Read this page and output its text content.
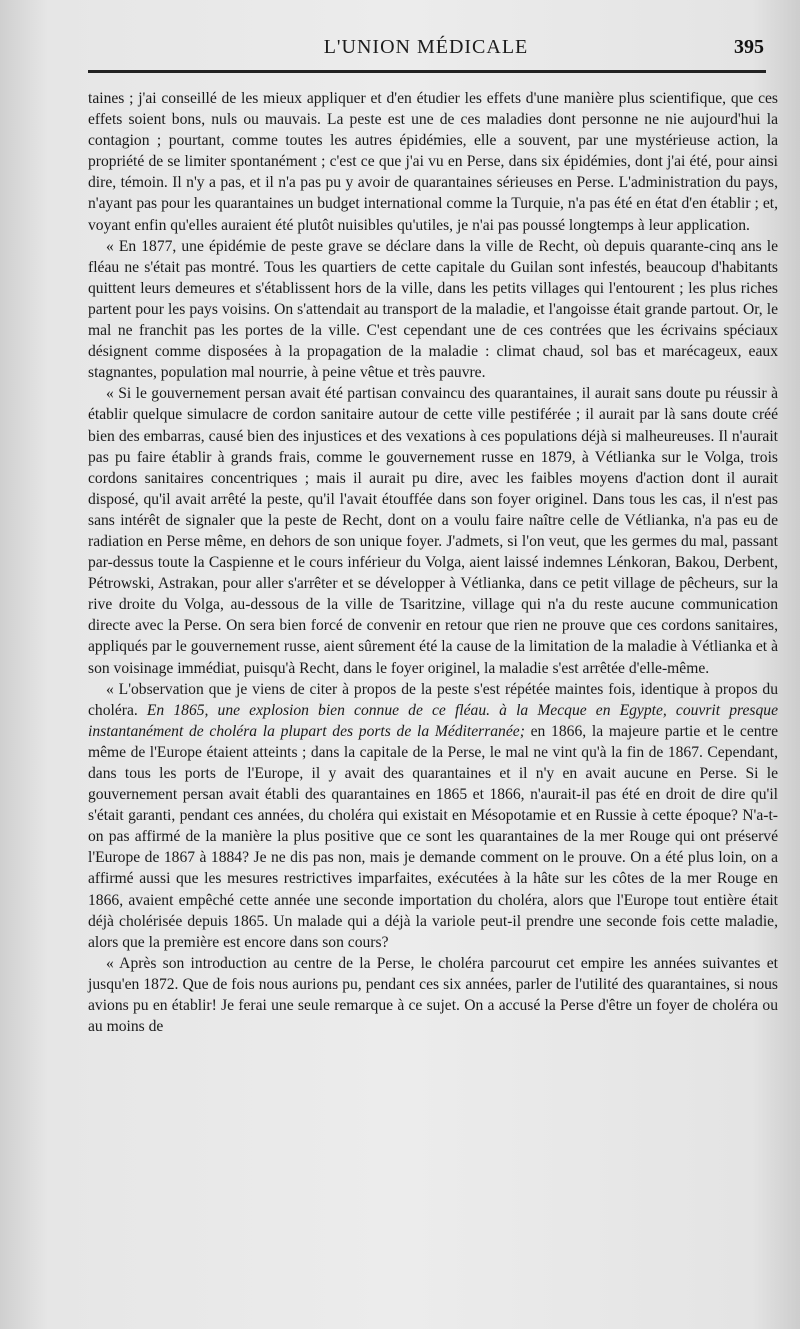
L'UNION MÉDICALE	395

taines ; j'ai conseillé de les mieux appliquer et d'en étudier les effets d'une manière plus scientifique, que ces effets soient bons, nuls ou mauvais. La peste est une de ces maladies dont personne ne nie aujourd'hui la contagion ; pourtant, comme toutes les autres épidémies, elle a souvent, par une mystérieuse action, la propriété de se limiter spontanément ; c'est ce que j'ai vu en Perse, dans six épidémies, dont j'ai été, pour ainsi dire, témoin. Il n'y a pas, et il n'a pas pu y avoir de quarantaines sérieuses en Perse. L'administration du pays, n'ayant pas pour les quarantaines un budget international comme la Turquie, n'a pas été en état d'en établir ; et, voyant enfin qu'elles auraient été plutôt nuisibles qu'utiles, je n'ai pas poussé longtemps à leur application.

« En 1877, une épidémie de peste grave se déclare dans la ville de Recht, où depuis quarante-cinq ans le fléau ne s'était pas montré. Tous les quartiers de cette capitale du Guilan sont infestés, beaucoup d'habitants quittent leurs demeures et s'établissent hors de la ville, dans les petits villages qui l'entourent ; les plus riches partent pour les pays voisins. On s'attendait au transport de la maladie, et l'angoisse était grande partout. Or, le mal ne franchit pas les portes de la ville. C'est cependant une de ces contrées que les écrivains spéciaux désignent comme disposées à la propagation de la maladie : climat chaud, sol bas et marécageux, eaux stagnantes, population mal nourrie, à peine vêtue et très pauvre.

« Si le gouvernement persan avait été partisan convaincu des quarantaines, il aurait sans doute pu réussir à établir quelque simulacre de cordon sanitaire autour de cette ville pestiférée ; il aurait par là sans doute créé bien des embarras, causé bien des injustices et des vexations à ces populations déjà si malheureuses. Il n'aurait pas pu faire établir à grands frais, comme le gouvernement russe en 1879, à Vétlianka sur le Volga, trois cordons sanitaires concentriques ; mais il aurait pu dire, avec les faibles moyens d'action dont il aurait disposé, qu'il avait arrêté la peste, qu'il l'avait étouffée dans son foyer originel. Dans tous les cas, il n'est pas sans intérêt de signaler que la peste de Recht, dont on a voulu faire naître celle de Vétlianka, n'a pas eu de radiation en Perse même, en dehors de son unique foyer. J'admets, si l'on veut, que les germes du mal, passant par-dessus toute la Caspienne et le cours inférieur du Volga, aient laissé indemnes Lénkoran, Bakou, Derbent, Pétrowski, Astrakan, pour aller s'arrêter et se développer à Vétlianka, dans ce petit village de pêcheurs, sur la rive droite du Volga, au-dessous de la ville de Tsaritzine, village qui n'a du reste aucune communication directe avec la Perse. On sera bien forcé de convenir en retour que rien ne prouve que ces cordons sanitaires, appliqués par le gouvernement russe, aient sûrement été la cause de la limitation de la maladie à Vétlianka et à son voisinage immédiat, puisqu'à Recht, dans le foyer originel, la maladie s'est arrêtée d'elle-même.

« L'observation que je viens de citer à propos de la peste s'est répétée maintes fois, identique à propos du choléra. En 1865, une explosion bien connue de ce fléau. à la Mecque en Egypte, couvrit presque instantanément de choléra la plupart des ports de la Méditerranée; en 1866, la majeure partie et le centre même de l'Europe étaient atteints ; dans la capitale de la Perse, le mal ne vint qu'à la fin de 1867. Cependant, dans tous les ports de l'Europe, il y avait des quarantaines et il n'y en avait aucune en Perse. Si le gouvernement persan avait établi des quarantaines en 1865 et 1866, n'aurait-il pas été en droit de dire qu'il s'était garanti, pendant ces années, du choléra qui existait en Mésopotamie et en Russie à cette époque? N'a-t-on pas affirmé de la manière la plus positive que ce sont les quarantaines de la mer Rouge qui ont préservé l'Europe de 1867 à 1884? Je ne dis pas non, mais je demande comment on le prouve. On a été plus loin, on a affirmé aussi que les mesures restrictives imparfaites, exécutées à la hâte sur les côtes de la mer Rouge en 1866, avaient empêché cette année une seconde importation du choléra, alors que l'Europe tout entière était déjà cholérisée depuis 1865. Un malade qui a déjà la variole peut-il prendre une seconde fois cette maladie, alors que la première est encore dans son cours?

« Après son introduction au centre de la Perse, le choléra parcourut cet empire les années suivantes et jusqu'en 1872. Que de fois nous aurions pu, pendant ces six années, parler de l'utilité des quarantaines, si nous avions pu en établir! Je ferai une seule remarque à ce sujet. On a accusé la Perse d'être un foyer de choléra ou au moins de
